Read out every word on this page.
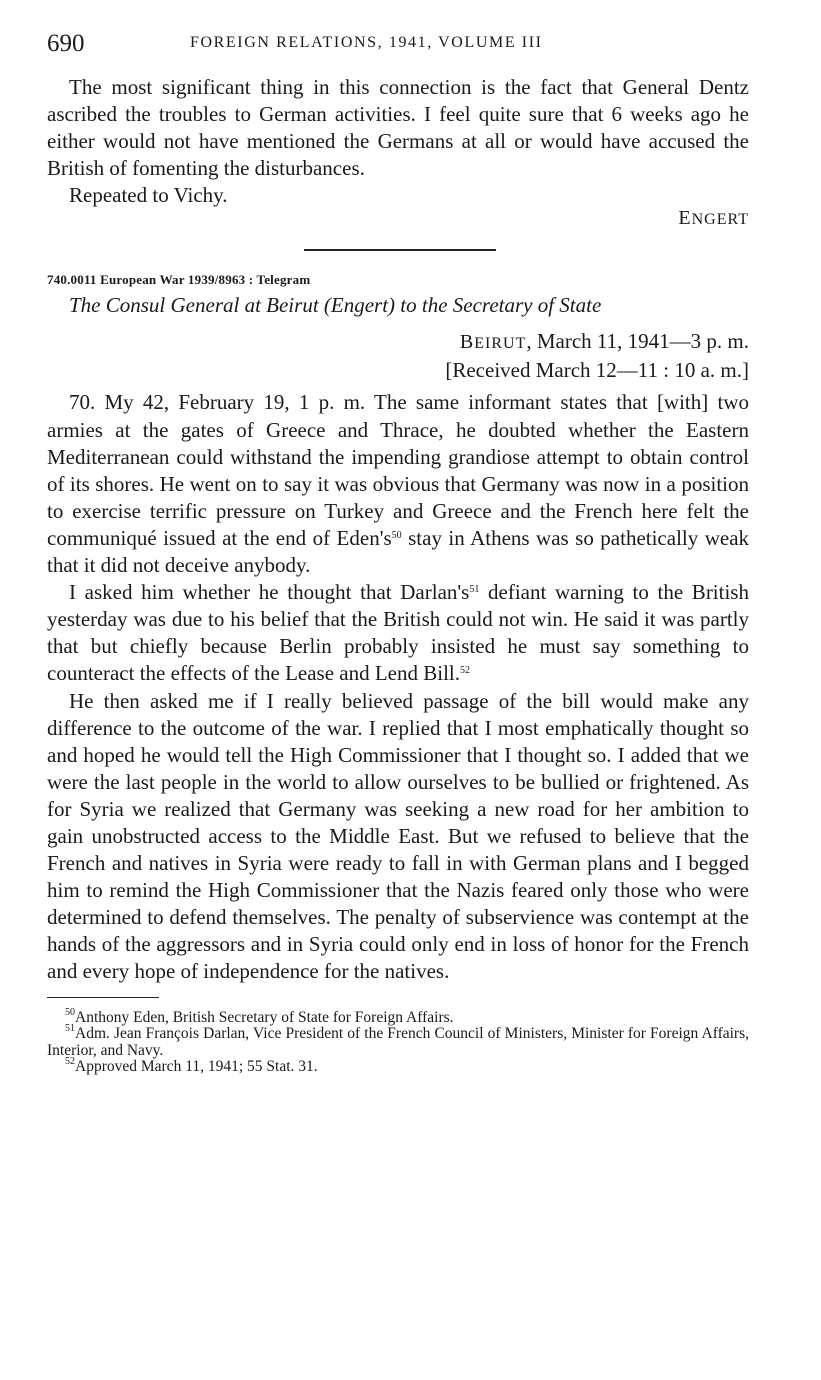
690	FOREIGN RELATIONS, 1941, VOLUME III

The most significant thing in this connection is the fact that General Dentz ascribed the troubles to German activities. I feel quite sure that 6 weeks ago he either would not have mentioned the Germans at all or would have accused the British of fomenting the disturbances.

Repeated to Vichy.

ENGERT

740.0011 European War 1939/8963 : Telegram

The Consul General at Beirut (Engert) to the Secretary of State

BEIRUT, March 11, 1941—3 p. m.
[Received March 12—11 : 10 a. m.]

70. My 42, February 19, 1 p. m. The same informant states that [with] two armies at the gates of Greece and Thrace, he doubted whether the Eastern Mediterranean could withstand the impending grandiose attempt to obtain control of its shores. He went on to say it was obvious that Germany was now in a position to exercise terrific pressure on Turkey and Greece and the French here felt the communiqué issued at the end of $Eden's^{50}$ stay in Athens was so pathetically weak that it did not deceive anybody.

I asked him whether he thought that $Darlan's^{51}$ defiant warning to the British yesterday was due to his belief that the British could not win. He said it was partly that but chiefly because Berlin probably insisted he must say something to counteract the effects of the Lease and Lend Bill.$^{52}$

He then asked me if I really believed passage of the bill would make any difference to the outcome of the war. I replied that I most emphatically thought so and hoped he would tell the High Commissioner that I thought so. I added that we were the last people in the world to allow ourselves to be bullied or frightened. As for Syria we realized that Germany was seeking a new road for her ambition to gain unobstructed access to the Middle East. But we refused to believe that the French and natives in Syria were ready to fall in with German plans and I begged him to remind the High Commissioner that the Nazis feared only those who were determined to defend themselves. The penalty of subservience was contempt at the hands of the aggressors and in Syria could only end in loss of honor for the French and every hope of independence for the natives.

$^{50}$Anthony Eden, British Secretary of State for Foreign Affairs.

$^{51}$Adm. Jean François Darlan, Vice President of the French Council of Ministers, Minister for Foreign Affairs, Interior, and Navy.

$^{52}$Approved March 11, 1941; 55 Stat. 31.
